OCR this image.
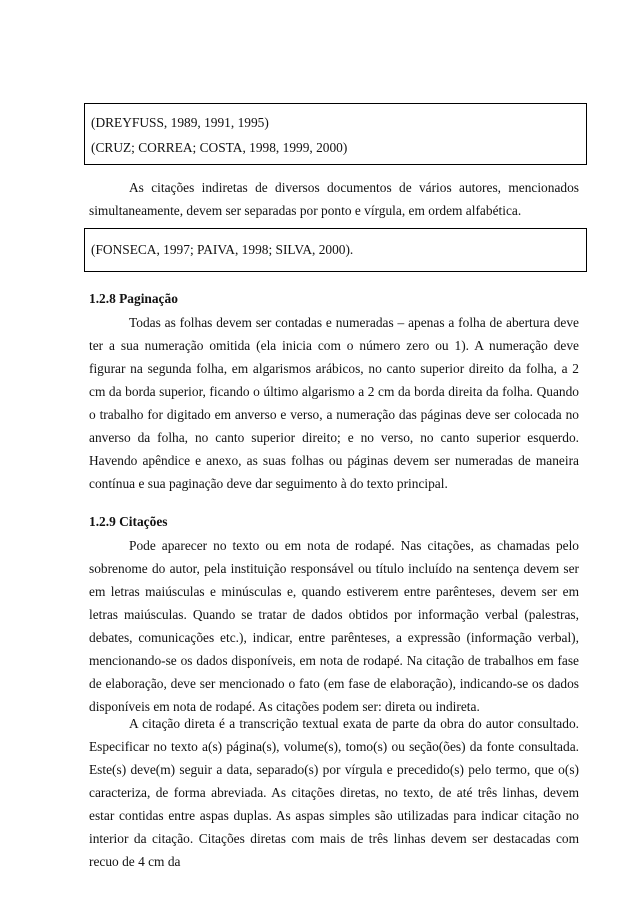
(DREYFUSS, 1989, 1991, 1995)
(CRUZ; CORREA; COSTA, 1998, 1999, 2000)

As citações indiretas de diversos documentos de vários autores, mencionados simultaneamente, devem ser separadas por ponto e vírgula, em ordem alfabética.

(FONSECA, 1997; PAIVA, 1998; SILVA, 2000).

1.2.8 Paginação

Todas as folhas devem ser contadas e numeradas – apenas a folha de abertura deve ter a sua numeração omitida (ela inicia com o número zero ou 1). A numeração deve figurar na segunda folha, em algarismos arábicos, no canto superior direito da folha, a 2 cm da borda superior, ficando o último algarismo a 2 cm da borda direita da folha. Quando o trabalho for digitado em anverso e verso, a numeração das páginas deve ser colocada no anverso da folha, no canto superior direito; e no verso, no canto superior esquerdo. Havendo apêndice e anexo, as suas folhas ou páginas devem ser numeradas de maneira contínua e sua paginação deve dar seguimento à do texto principal.

1.2.9 Citações

Pode aparecer no texto ou em nota de rodapé. Nas citações, as chamadas pelo sobrenome do autor, pela instituição responsável ou título incluído na sentença devem ser em letras maiúsculas e minúsculas e, quando estiverem entre parênteses, devem ser em letras maiúsculas. Quando se tratar de dados obtidos por informação verbal (palestras, debates, comunicações etc.), indicar, entre parênteses, a expressão (informação verbal), mencionando-se os dados disponíveis, em nota de rodapé. Na citação de trabalhos em fase de elaboração, deve ser mencionado o fato (em fase de elaboração), indicando-se os dados disponíveis em nota de rodapé. As citações podem ser: direta ou indireta.

A citação direta é a transcrição textual exata de parte da obra do autor consultado. Especificar no texto a(s) página(s), volume(s), tomo(s) ou seção(ões) da fonte consultada. Este(s) deve(m) seguir a data, separado(s) por vírgula e precedido(s) pelo termo, que o(s) caracteriza, de forma abreviada. As citações diretas, no texto, de até três linhas, devem estar contidas entre aspas duplas. As aspas simples são utilizadas para indicar citação no interior da citação. Citações diretas com mais de três linhas devem ser destacadas com recuo de 4 cm da
